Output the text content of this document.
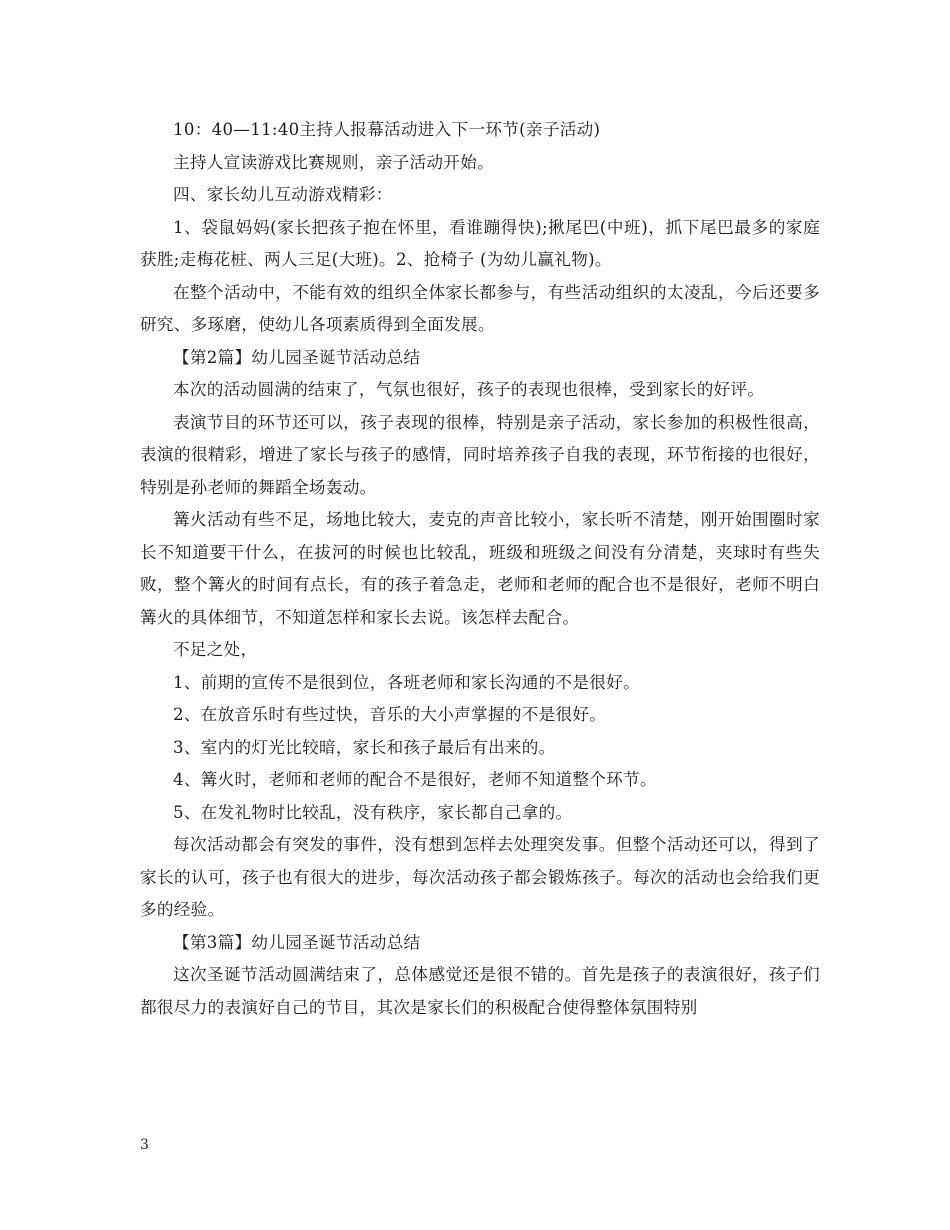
10：40—11:40主持人报幕活动进入下一环节(亲子活动)

主持人宣读游戏比赛规则，亲子活动开始。

四、家长幼儿互动游戏精彩：

1、袋鼠妈妈(家长把孩子抱在怀里，看谁蹦得快);揪尾巴(中班)，抓下尾巴最多的家庭获胜;走梅花桩、两人三足(大班)。2、抢椅子 (为幼儿赢礼物)。

在整个活动中，不能有效的组织全体家长都参与，有些活动组织的太凌乱，今后还要多研究、多琢磨，使幼儿各项素质得到全面发展。

【第2篇】幼儿园圣诞节活动总结

本次的活动圆满的结束了，气氛也很好，孩子的表现也很棒，受到家长的好评。

表演节目的环节还可以，孩子表现的很棒，特别是亲子活动，家长参加的积极性很高，表演的很精彩，增进了家长与孩子的感情，同时培养孩子自我的表现，环节衔接的也很好，特别是孙老师的舞蹈全场轰动。

篝火活动有些不足，场地比较大，麦克的声音比较小，家长听不清楚，刚开始围圈时家长不知道要干什么，在拔河的时候也比较乱，班级和班级之间没有分清楚，夹球时有些失败，整个篝火的时间有点长，有的孩子着急走，老师和老师的配合也不是很好，老师不明白篝火的具体细节，不知道怎样和家长去说。该怎样去配合。

不足之处，

1、前期的宣传不是很到位，各班老师和家长沟通的不是很好。

2、在放音乐时有些过快，音乐的大小声掌握的不是很好。

3、室内的灯光比较暗，家长和孩子最后有出来的。

4、篝火时，老师和老师的配合不是很好，老师不知道整个环节。

5、在发礼物时比较乱，没有秩序，家长都自己拿的。

每次活动都会有突发的事件，没有想到怎样去处理突发事。但整个活动还可以，得到了家长的认可，孩子也有很大的进步，每次活动孩子都会锻炼孩子。每次的活动也会给我们更多的经验。

【第3篇】幼儿园圣诞节活动总结

这次圣诞节活动圆满结束了，总体感觉还是很不错的。首先是孩子的表演很好，孩子们都很尽力的表演好自己的节目，其次是家长们的积极配合使得整体氛围特别

3
